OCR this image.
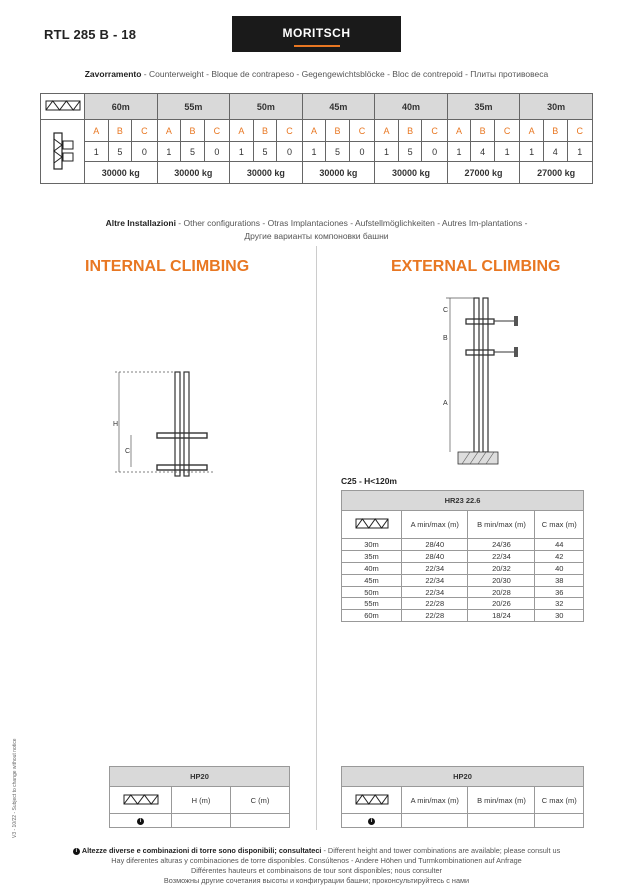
RTL 285 B - 18	MORITSCH
Zavorramento - Counterweight - Bloque de contrapeso - Gegengewichtsblöcke - Bloc de contrepoid - Плиты противовеса
	60m			55m			50m			45m			40m			35m			30m		
	A	B	C	A	B	C	A	B	C	A	B	C	A	B	C	A	B	C	A	B	C
	1	5	0	1	5	0	1	5	0	1	5	0	1	5	0	1	4	1	1	4	1
	30000 kg			30000 kg			30000 kg			30000 kg			30000 kg			27000 kg			27000 kg		
Altre Installazioni - Other configurations - Otras Implantaciones - Aufstellmöglichkeiten - Autres Im-plantations -
Другие варианты компоновки башни
INTERNAL CLIMBING	EXTERNAL CLIMBING
H
C
C
B
A
C25 - H<120m
HR23 22.6			
	A min/max (m)	B min/max (m)	C max (m)
30m	28/40	24/36	44
35m	28/40	22/34	42
40m	22/34	20/32	40
45m	22/34	20/30	38
50m	22/34	20/28	36
55m	22/28	20/26	32
60m	22/28	18/24	30
HP20		
	H (m)	C (m)
i		
HP20			
	A min/max (m)	B min/max (m)	C max (m)
i			
i Altezze diverse e combinazioni di torre sono disponibili; consultateci - Different height and tower combinations are available; please consult us
Hay diferentes alturas y combinaciones de torre disponibles. Consúltenos - Andere Höhen und Turmkombinationen auf Anfrage
Différentes hauteurs et combinaisons de tour sont disponibles; nous consulter
Возможны другие сочетания высоты и конфигурации башни; проконсультируйтесь с нами
V3 - 10/22 - Subject to change without notice
